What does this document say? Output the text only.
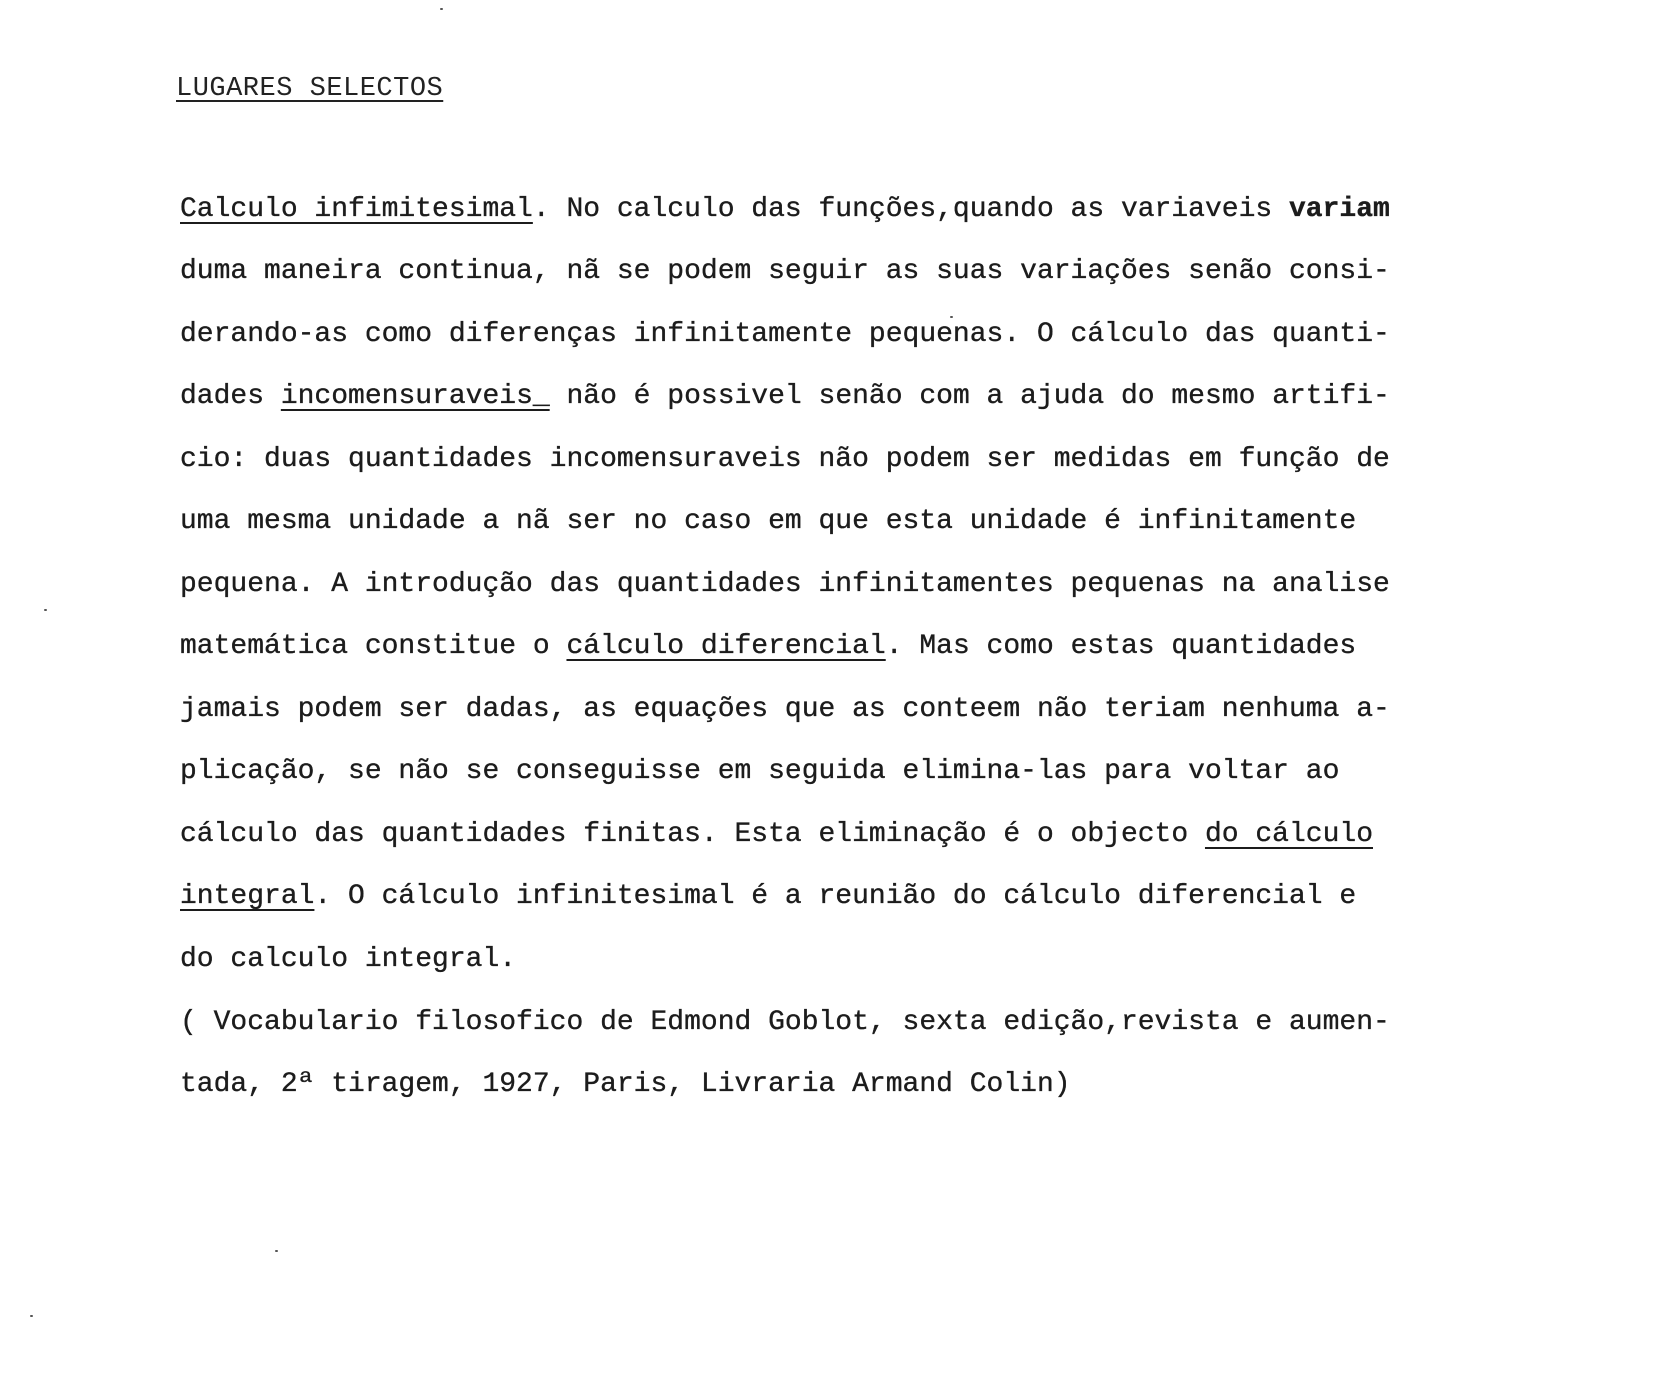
LUGARES SELECTOS
Calculo infimitesimal. No calculo das funções,quando as variaveis variam
duma maneira continua, nã se podem seguir as suas variações senão consi-
derando-as como diferenças infinitamente pequenas. O cálculo das quanti-
dades incomensuraveis_ não é possivel senão com a ajuda do mesmo artifi-
cio: duas quantidades incomensuraveis não podem ser medidas em função de
uma mesma unidade a nã ser no caso em que esta unidade é infinitamente
pequena. A introdução das quantidades infinitamentes pequenas na analise
matemática constitue o cálculo diferencial. Mas como estas quantidades
jamais podem ser dadas, as equações que as conteem não teriam nenhuma a-
plicação, se não se conseguisse em seguida elimina-las para voltar ao
cálculo das quantidades finitas. Esta eliminação é o objecto do cálculo
integral. O cálculo infinitesimal é a reunião do cálculo diferencial e
do calculo integral.
( Vocabulario filosofico de Edmond Goblot, sexta edição,revista e aumen-
tada, 2ª tiragem, 1927, Paris, Livraria Armand Colin)
